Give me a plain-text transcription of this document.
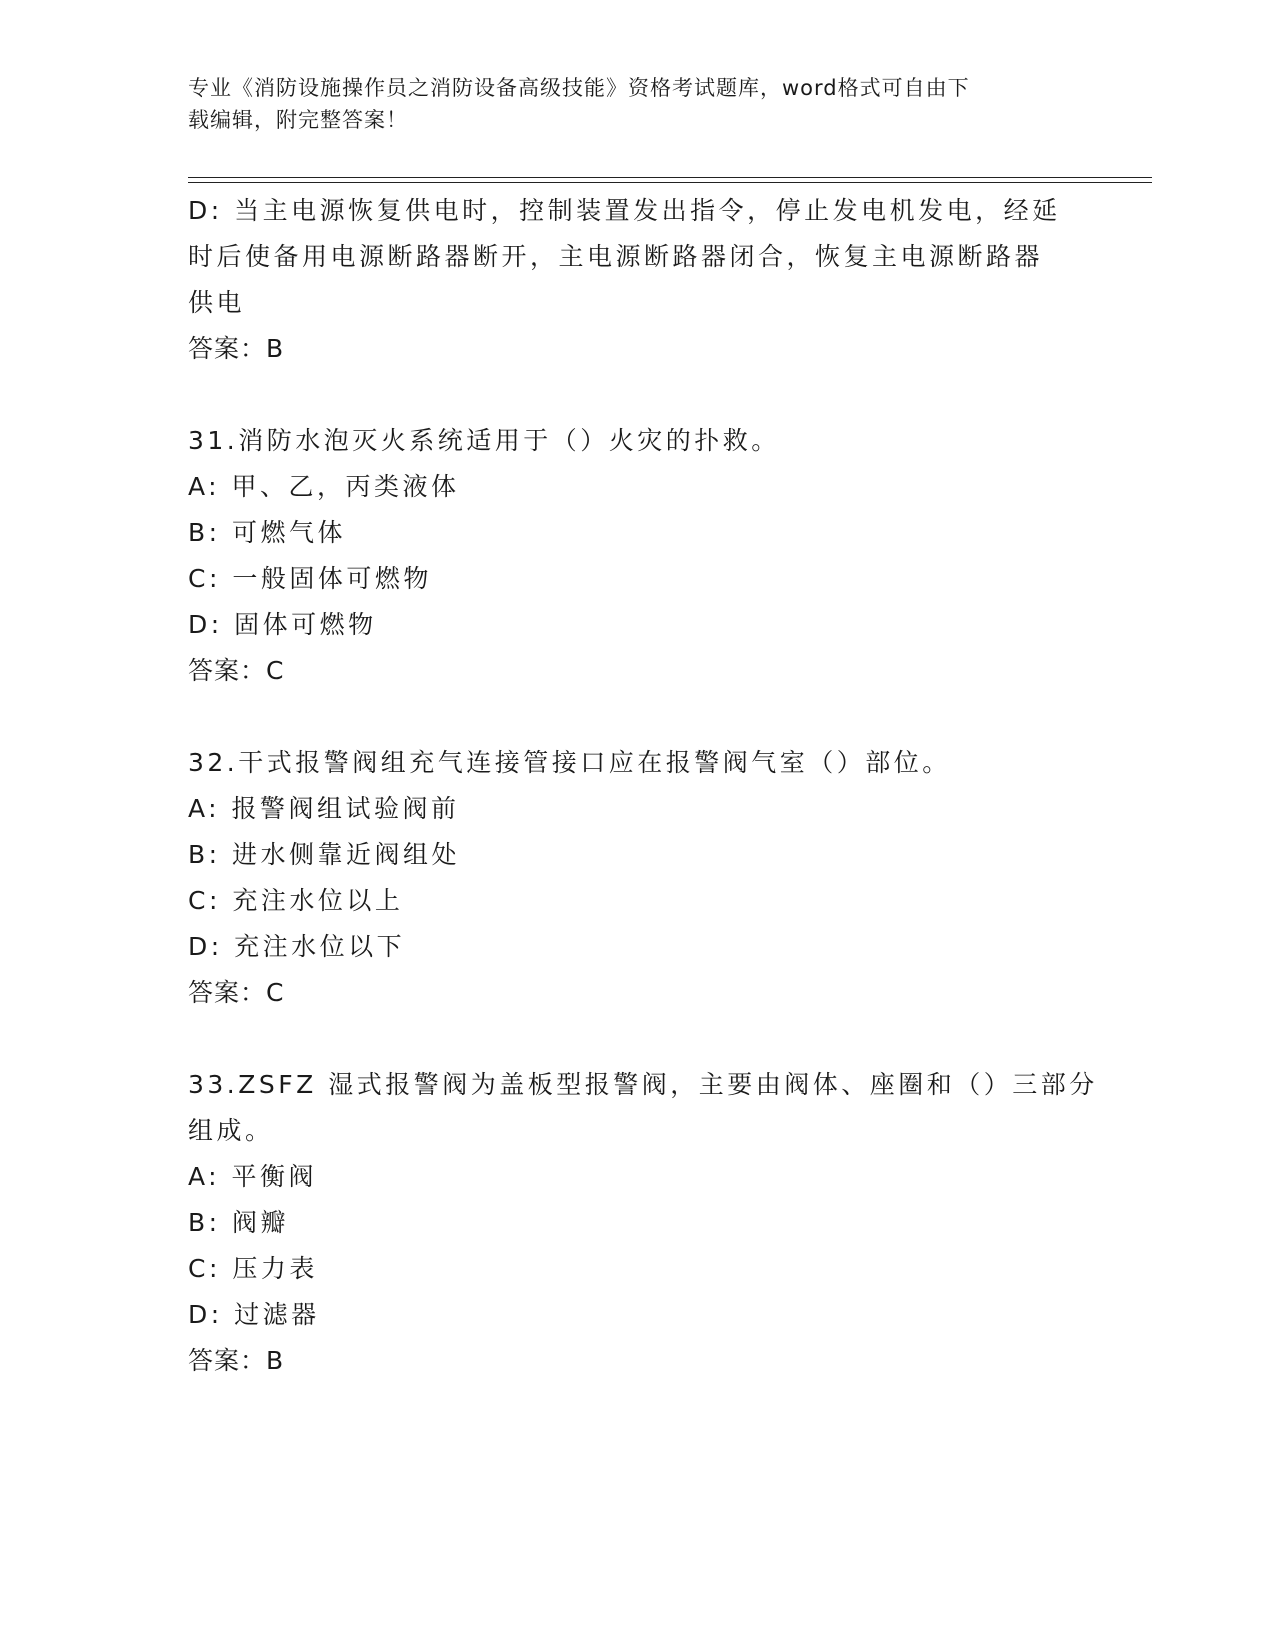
专业《消防设施操作员之消防设备高级技能》资格考试题库，word格式可自由下
载编辑，附完整答案！
D: 当主电源恢复供电时，控制装置发出指令，停止发电机发电，经延
时后使备用电源断路器断开，主电源断路器闭合，恢复主电源断路器
供电
答案：B
31.消防水泡灭火系统适用于（）火灾的扑救。
A: 甲、乙，丙类液体
B: 可燃气体
C: 一般固体可燃物
D: 固体可燃物
答案：C
32.干式报警阀组充气连接管接口应在报警阀气室（）部位。
A: 报警阀组试验阀前
B: 进水侧靠近阀组处
C: 充注水位以上
D: 充注水位以下
答案：C
33.ZSFZ 湿式报警阀为盖板型报警阀，主要由阀体、座圈和（）三部分
组成。
A: 平衡阀
B: 阀瓣
C: 压力表
D: 过滤器
答案：B
